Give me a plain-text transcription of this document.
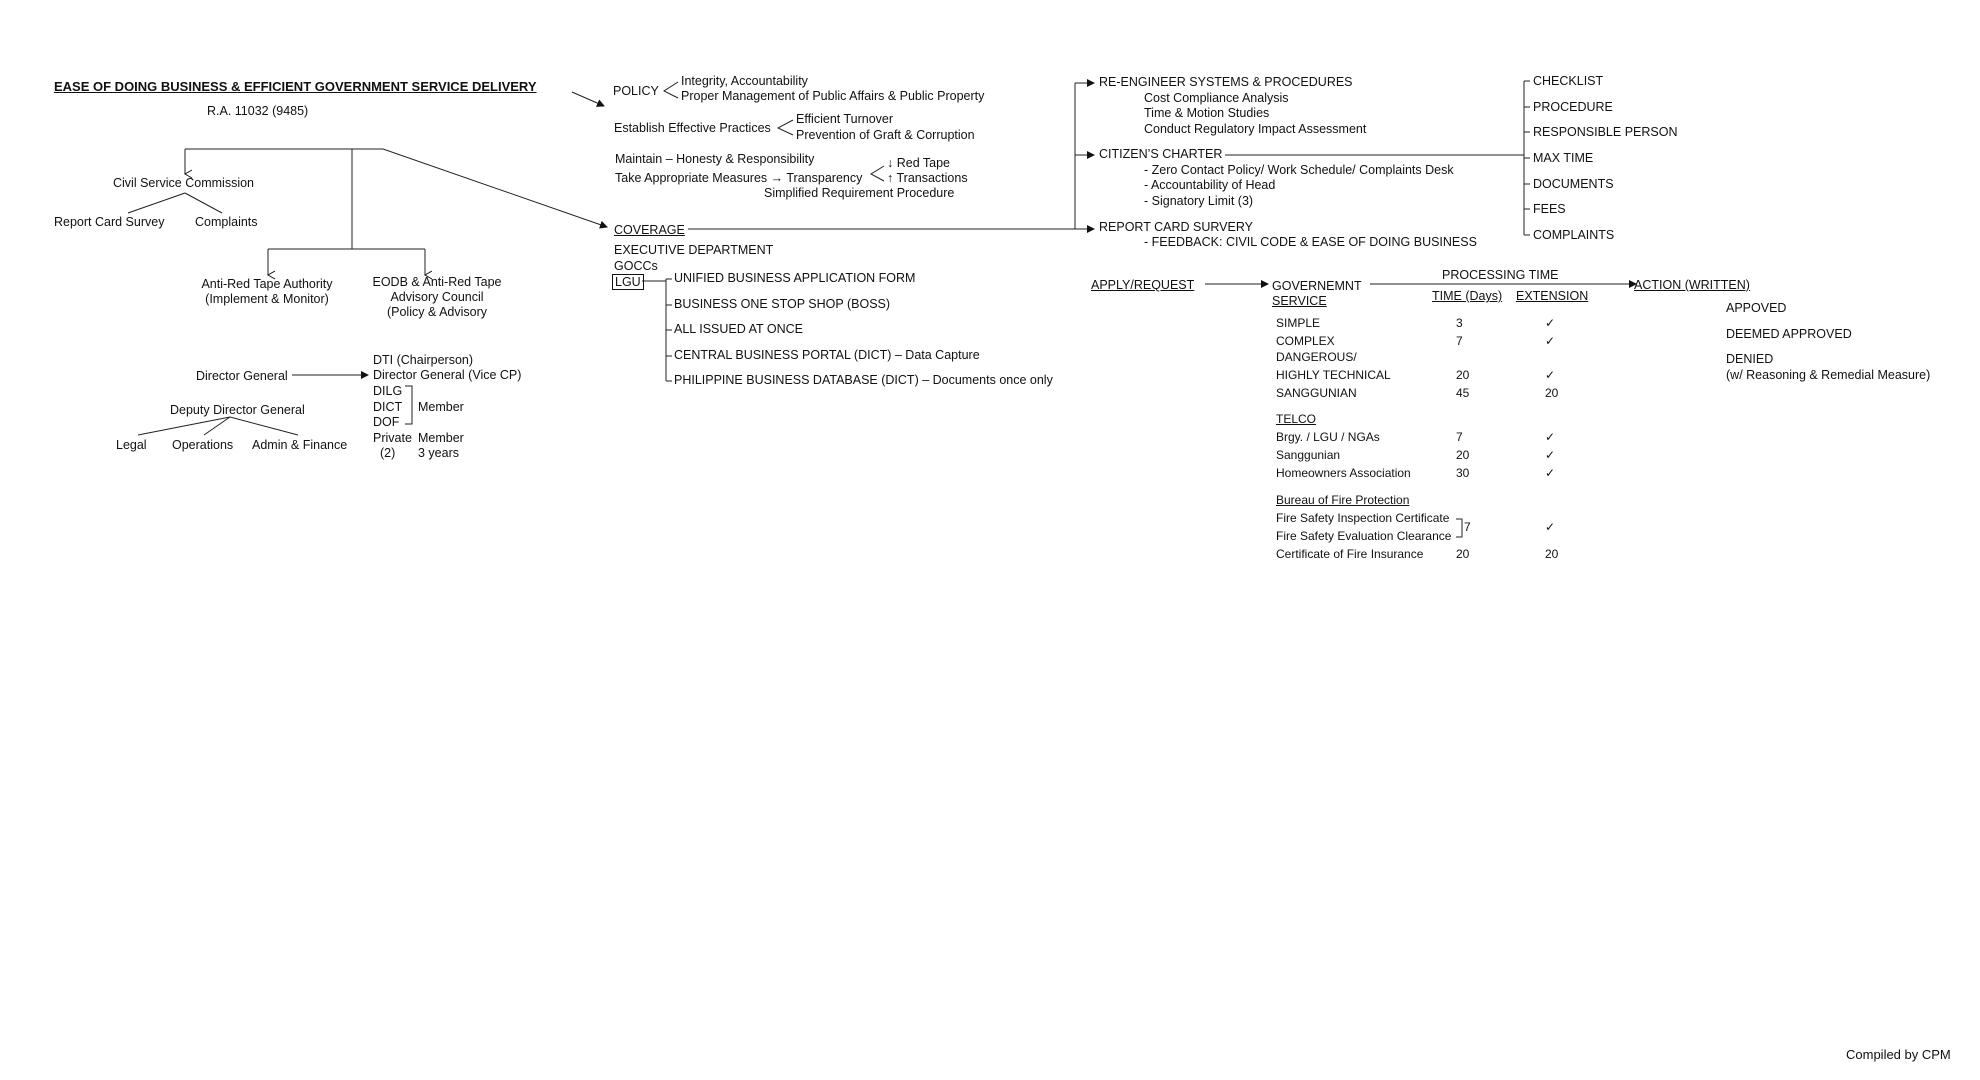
EASE OF DOING BUSINESS & EFFICIENT GOVERNMENT SERVICE DELIVERY
R.A. 11032 (9485)
Civil Service Commission
Report Card Survey Complaints
Anti-Red Tape Authority
(Implement & Monitor)
EODB & Anti-Red Tape
Advisory Council
(Policy & Advisory
Director General
Deputy Director General
Legal Operations Admin & Finance
DTI (Chairperson)
Director General (Vice CP)
DILG
DICT
DOF
Private
(2)
Member
Member
3 years
POLICY
Integrity, Accountability
Proper Management of Public Affairs & Public Property
Establish Effective Practices
Efficient Turnover
Prevention of Graft & Corruption
Maintain – Honesty & Responsibility
Take Appropriate Measures → Transparency
↓ Red Tape
↑ Transactions
Simplified Requirement Procedure
COVERAGE
EXECUTIVE DEPARTMENT
GOCCs
LGU	UNIFIED BUSINESS APPLICATION FORM
BUSINESS ONE STOP SHOP (BOSS)
ALL ISSUED AT ONCE
CENTRAL BUSINESS PORTAL (DICT) – Data Capture
PHILIPPINE BUSINESS DATABASE (DICT) – Documents once only
RE-ENGINEER SYSTEMS & PROCEDURES
Cost Compliance Analysis
Time & Motion Studies
Conduct Regulatory Impact Assessment
CITIZEN’S CHARTER
- Zero Contact Policy/ Work Schedule/ Complaints Desk
- Accountability of Head
- Signatory Limit (3)
REPORT CARD SURVERY
- FEEDBACK: CIVIL CODE & EASE OF DOING BUSINESS
CHECKLIST
PROCEDURE
RESPONSIBLE PERSON
MAX TIME
DOCUMENTS
FEES
COMPLAINTS
APPLY/REQUEST	GOVERNEMNT
SERVICE
PROCESSING TIME
TIME (Days) EXTENSION
ACTION (WRITTEN)
SIMPLE	3	✓
COMPLEX	7	✓
DANGEROUS/
HIGHLY TECHNICAL	20	✓
SANGGUNIAN	45	20
TELCO
Brgy. / LGU / NGAs	7	✓
Sanggunian	20	✓
Homeowners Association	30	✓
Bureau of Fire Protection
Fire Safety Inspection Certificate
Fire Safety Evaluation Clearance
7	✓
Certificate of Fire Insurance	20	20
APPOVED
DEEMED APPROVED
DENIED
(w/ Reasoning & Remedial Measure)
Compiled by CPM
